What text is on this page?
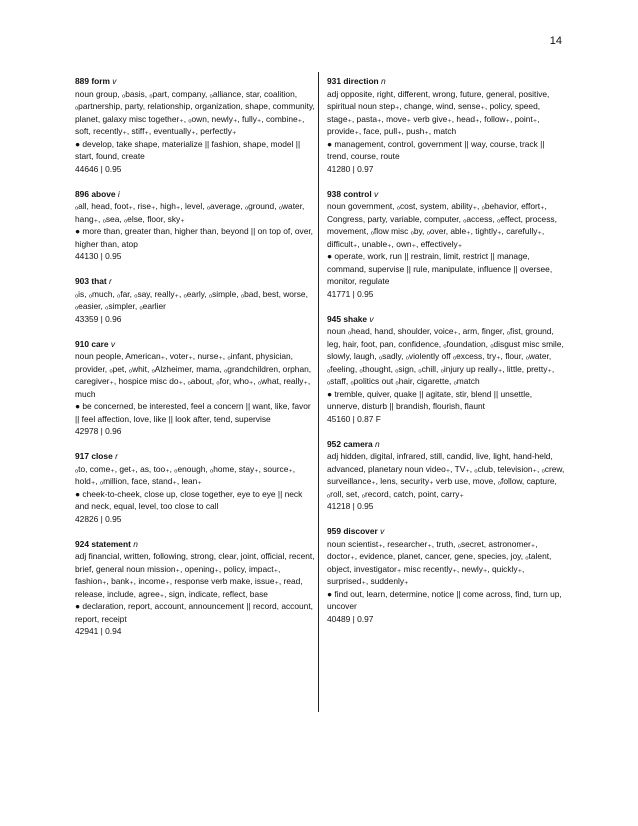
14

889 form v

noun group, ₒbasis, ₒpart, company, ₒalliance, star, coalition, ₒpartnership, party, relationship, organization, shape, community, planet, galaxy misc together₊, ₒown, newly₊, fully₊, combine₊, soft, recently₊, stiff₊, eventually₊, perfectly₊

● develop, take shape, materialize || fashion, shape, model || start, found, create

44646 | 0.95

896 above i

ₒall, head, foot₊, rise₊, high₊, level, ₒaverage, ₒground, ₒwater, hang₊, ₒsea, ₒelse, floor, sky₊

● more than, greater than, higher than, beyond || on top of, over, higher than, atop

44130 | 0.95

903 that r

ₒis, ₒmuch, ₒfar, ₒsay, really₊, ₒearly, ₒsimple, ₒbad, best, worse, ₒeasier, ₒsimpler, ₒearlier

43359 | 0.96

910 care v

noun people, American₊, voter₊, nurse₊, ₒinfant, physician, provider, ₒpet, ₒwhit, ₒAlzheimer, mama, ₒgrandchildren, orphan, caregiver₊, hospice misc do₊, ₒabout, ₒfor, who₊, ₒwhat, really₊, much

● be concerned, be interested, feel a concern || want, like, favor || feel affection, love, like || look after, tend, supervise

42978 | 0.96

917 close r

ₒto, come₊, get₊, as, too₊, ₒenough, ₒhome, stay₊, source₊, hold₊, ₒmillion, face, stand₊, lean₊

● cheek-to-cheek, close up, close together, eye to eye || neck and neck, equal, level, too close to call

42826 | 0.95

924 statement n

adj financial, written, following, strong, clear, joint, official, recent, brief, general noun mission₊, opening₊, policy, impact₊, fashion₊, bank₊, income₊, response verb make, issue₊, read, release, include, agree₊, sign, indicate, reflect, base

● declaration, report, account, announcement || record, account, report, receipt

42941 | 0.94

931 direction n

adj opposite, right, different, wrong, future, general, positive, spiritual noun step₊, change, wind, sense₊, policy, speed, stage₊, pasta₊, move₊ verb give₊, head₊, follow₊, point₊, provide₊, face, pull₊, push₊, match

● management, control, government || way, course, track || trend, course, route

41280 | 0.97

938 control v

noun government, ₒcost, system, ability₊, ₒbehavior, effort₊, Congress, party, variable, computer, ₒaccess, ₒeffect, process, movement, ₒflow misc ₒby, ₒover, able₊, tightly₊, carefully₊, difficult₊, unable₊, own₊, effectively₊

● operate, work, run || restrain, limit, restrict || manage, command, supervise || rule, manipulate, influence || oversee, monitor, regulate

41771 | 0.95

945 shake v

noun ₒhead, hand, shoulder, voice₊, arm, finger, ₒfist, ground, leg, hair, foot, pan, confidence, ₒfoundation, ₒdisgust misc smile, slowly, laugh, ₒsadly, ₒviolently off ₒexcess, try₊, flour, ₒwater, ₒfeeling, ₒthought, ₒsign, ₒchill, ₒinjury up really₊, little, pretty₊, ₒstaff, ₒpolitics out ₒhair, cigarette, ₒmatch

● tremble, quiver, quake || agitate, stir, blend || unsettle, unnerve, disturb || brandish, flourish, flaunt

45160 | 0.87 F

952 camera n

adj hidden, digital, infrared, still, candid, live, light, hand-held, advanced, planetary noun video₊, TV₊, ₒclub, television₊, ₒcrew, surveillance₊, lens, security₊ verb use, move, ₒfollow, capture, ₒroll, set, ₒrecord, catch, point, carry₊

41218 | 0.95

959 discover v

noun scientist₊, researcher₊, truth, ₒsecret, astronomer₊, doctor₊, evidence, planet, cancer, gene, species, joy, ₒtalent, object, investigator₊ misc recently₊, newly₊, quickly₊, surprised₊, suddenly₊

● find out, learn, determine, notice || come across, find, turn up, uncover

40489 | 0.97
